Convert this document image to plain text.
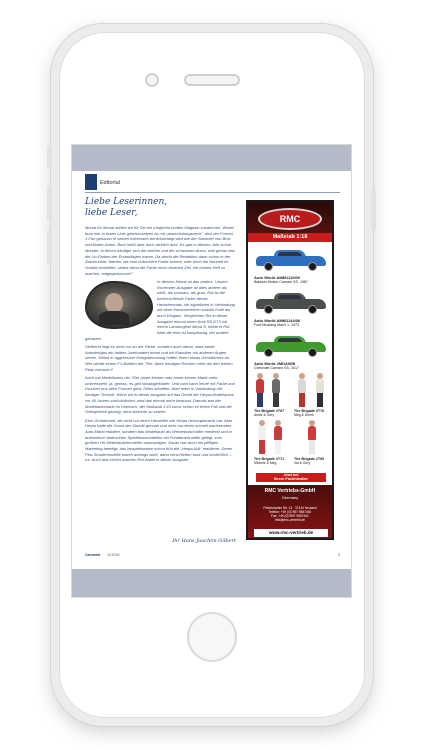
Editorial
Liebe Leserinnen,
liebe Leser,

Monat für Monat stellen wir für Sie ein möglichst buntes Magazin zusammen. Wobei bunt hier in erster Linie gleichzusetzen ist mit „abwechslungsreich“, also der Formel-1-Fan genauso in seinen Interessen berücksichtigt wird wie der Sammler von Brot-und-Butter-Autos. Bunt heißt aber auch wirklich bunt. Es gab in diesem Jahr schon Monate, in denen häufiger sich die weißen und die schwarzen Autos, weil genau das die Un-Farben der Erstauflagen waren. Da steckt die Redaktion dann schon in der Zwickmühle: Warten, bis eine hübschere Farbe kommt, oder doch die Neuheit im Vorbild vorstellen, selbst wenn die Farbe nicht unserem Ziel, ein buntes Heft zu machen, entgegenkommt?

In diesem Monat ist das anders. Unsere November-Ausgabe ist alles andere als weiß, als schwarz, als grau. Rot ist die beherrschende Farbe dieses Herbstmonats, sie signalisiert in Verbindung mit einer Karosserieform sowohl Kraft als auch Eleganz. Vergleichen Sie in dieser Ausgabe einmal einen Audi R8 GT3 mit einem Lamborghini Miura S, beide in Rot. Aber die eine ist kampflustig, der andere getrauen.

Vielleicht liegt es nicht nur an der Farbe, sondern auch daran, dass beide Autodesigns ein halbes Jahrhundert trennt und wir Klassiker mit anderen Augen sehen. Selbst in aggressiver Kriegsbemalung hoffen Ihnen etwas Gemütliches an. Wer würde einem F1-Boliden der 70er Jahre heutigen Rennen mehr als den letzten Platz zutrauen?

Auch mit Modellautos der 70er Jahre könnte man heute keinen Markt mehr umkrempeln, ja, gewiss, es gibt Nostalgiekäufer. Und man kann heute mit Farbe und Drucken aus allen Formen ganz Tolles schaffen. Aber eben in Verbindung mit heutiger Technik. Wenn wir in dieser Ausgabe auf das Debüt der Herpa-Modellautos vor 40 Jahren zurückblicken, wird das einmal mehr bewusst. Damals war der Modellautomarkt im Umbruch, der Maßstab 1:43 zuvor schon im freien Fall und die Gelegenheit günstig, neue Akzente zu setzen.

Eine Gründerzeit, die nicht nur einen Hersteller wie Herpa hervorgebracht hat. Aber Herpa hatte die Gunst der Stunde genutzt und nicht nur einen schnell wachsenden Auto-Markt etabliert, sondern das Modellauto als Werbebotschafter entdeckt und in authentisch bedruckten Speditionsmodellen ein Fundament dafür gelegt, zum größten H0-Modellautohersteller aufzusteigen. Daran war auch ein pfiffiges Marketing beteiligt, das beispielsweise schon früh die „Herpa-IAA“ etablierte. Deren Pkw-Sondermodelle waren anfangs weiß, dann verschieden bunt und schließlich – rot. Auch das erhöht unseren Rot-Anteil in dieser Ausgabe.

Ihr Hans-Joachim Gilbert
Carsmint 11/2018	3
RMC
Maßstab 1:18
Auto World AMM1110/06
Baldwin Motion Camaro SS, 1967
Auto World AMM1144/06
Ford Mustang Mach 1, 1973
Auto World #MDA06B
Chevrolet Camaro SS, 2017
Tire Brigade #T67
Andie & Gery
Tire Brigade #T76
Meg & Derek
Tire Brigade #T71
Michele & Meg
Tire Brigade #T69
Val & Gery
Jetzt bei
Ihrem Fachhändler
RMC Vertriebs-GmbH
Germany
Fliedenweiler Str. 13 · 37444 Neuland
Telefon: +49 (0)7897 9587440
Fax: +49 (0)7897 9587441
info@rmc-vertrieb.de
www.rmc-vertrieb.de
